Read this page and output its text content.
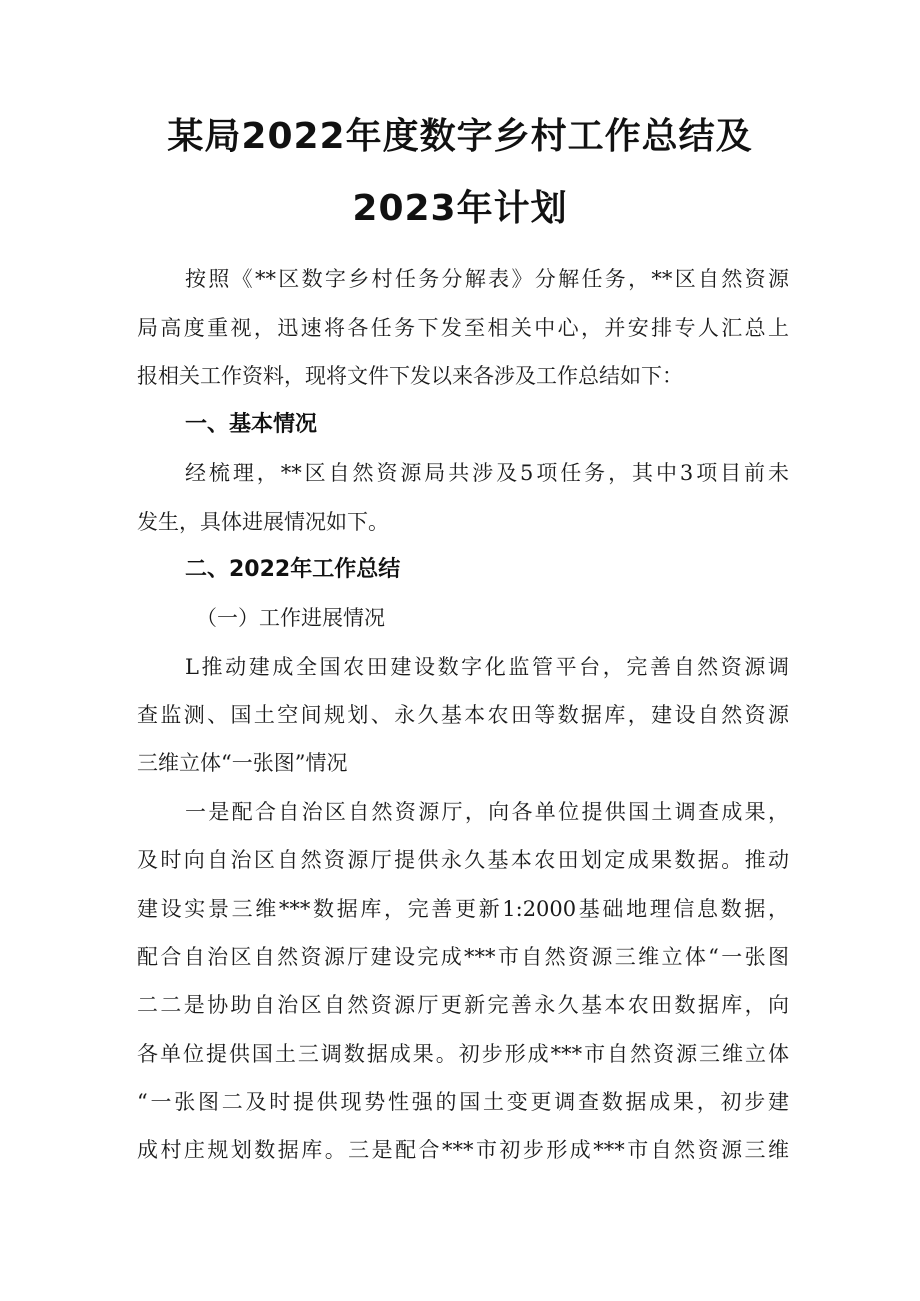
某局2022年度数字乡村工作总结及
2023年计划
按照《**区数字乡村任务分解表》分解任务，**区自然资源
局高度重视，迅速将各任务下发至相关中心，并安排专人汇总上
报相关工作资料，现将文件下发以来各涉及工作总结如下：
一、基本情况
经梳理，**区自然资源局共涉及5项任务，其中3项目前未
发生，具体进展情况如下。
二、2022年工作总结
（一）工作进展情况
L推动建成全国农田建设数字化监管平台，完善自然资源调
查监测、国土空间规划、永久基本农田等数据库，建设自然资源
三维立体“一张图”情况
一是配合自治区自然资源厅，向各单位提供国土调查成果，
及时向自治区自然资源厅提供永久基本农田划定成果数据。推动
建设实景三维***数据库，完善更新1:2000基础地理信息数据，
配合自治区自然资源厅建设完成***市自然资源三维立体“一张图
二二是协助自治区自然资源厅更新完善永久基本农田数据库，向
各单位提供国土三调数据成果。初步形成***市自然资源三维立体
“一张图二及时提供现势性强的国土变更调查数据成果，初步建
成村庄规划数据库。三是配合***市初步形成***市自然资源三维
